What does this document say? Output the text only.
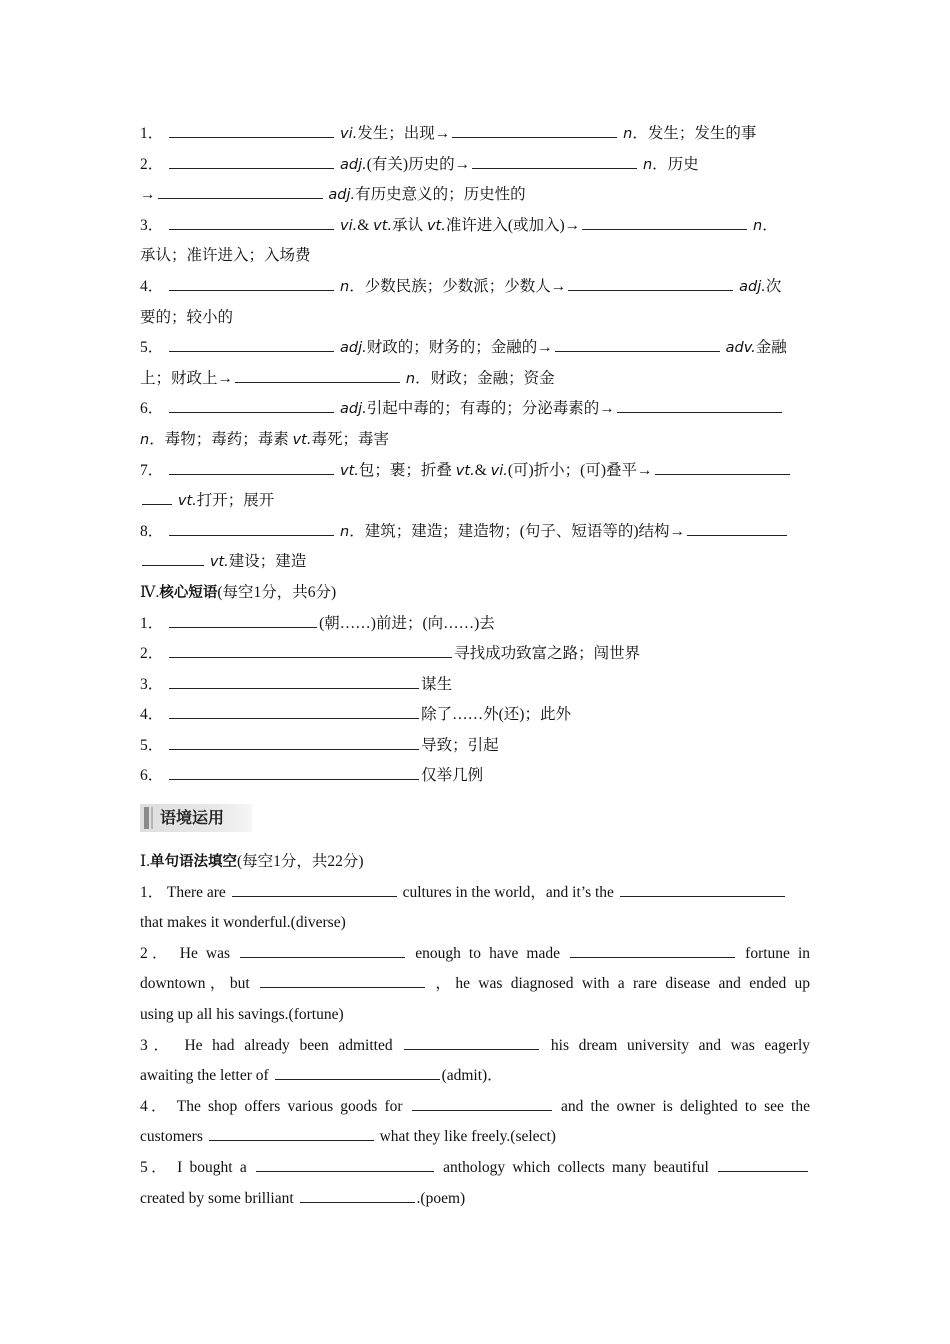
1．	vi.发生；出现→	n．发生；发生的事
2．	adj.(有关)历史的→	n．历史
→	adj.有历史意义的；历史性的
3．	vi.& vt.承认 vt.准许进入(或加入)→	n．
承认；准许进入；入场费
4．	n．少数民族；少数派；少数人→	adj.次
要的；较小的
5．	adj.财政的；财务的；金融的→	adv.金融
上；财政上→	n．财政；金融；资金
6．	adj.引起中毒的；有毒的；分泌毒素的→
n．毒物；毒药；毒素 vt.毒死；毒害
7．	vt.包；裹；折叠 vt.& vi.(可)折小；(可)叠平→
vt.打开；展开
8．	n．建筑；建造；建造物；(句子、短语等的)结构→
vt.建设；建造
Ⅳ.核心短语(每空1分，共6分)
1．	(朝……)前进；(向……)去
2．	寻找成功致富之路；闯世界
3．	谋生
4．	除了……外(还)；此外
5．	导致；引起
6．	仅举几例
语境运用
Ⅰ.单句语法填空(每空1分，共22分)
1． There are	cultures in the world，and it’s the
that makes it wonderful.(diverse)
2． He was	enough to have made	fortune in
downtown，but	，he was diagnosed with a rare disease and ended up
using up all his savings.(fortune)
3． He had already been admitted	his dream university and was eagerly
awaiting the letter of	(admit)．
4． The shop offers various goods for	and the owner is delighted to see the
customers	what they like freely.(select)
5． I bought a	anthology which collects many beautiful
created by some brilliant	.(poem)
